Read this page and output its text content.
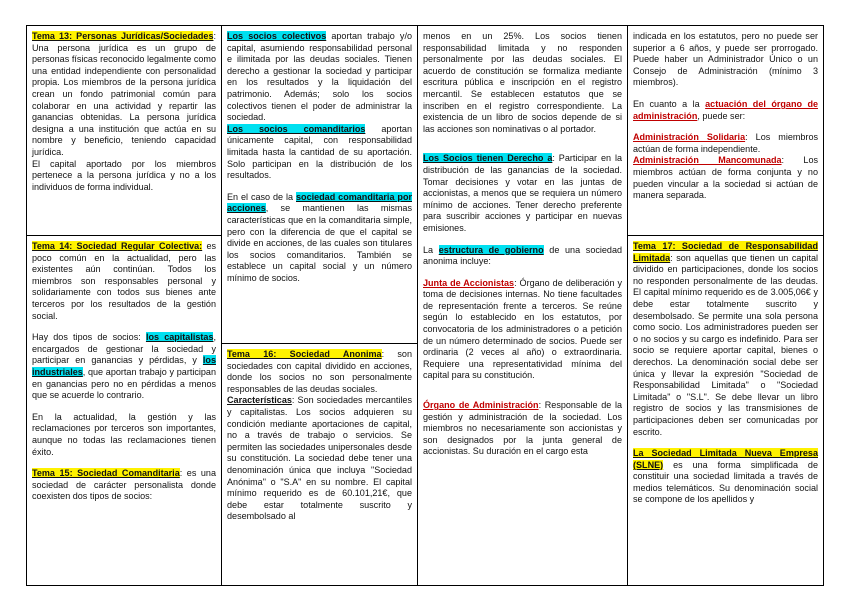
Tema 13: Personas Jurídicas/Sociedades: Una persona jurídica es un grupo de personas físicas reconocido legalmente como una entidad independiente con personalidad propia. Los miembros de la persona jurídica crean un fondo patrimonial común para colaborar en una actividad y repartir las ganancias obtenidas. La persona jurídica designa a una institución que actúa en su nombre y beneficio, teniendo capacidad jurídica.

El capital aportado por los miembros pertenece a la persona jurídica y no a los individuos de forma individual.

Tema 14: Sociedad Regular Colectiva: es poco común en la actualidad, pero las existentes aún continúan. Todos los miembros son responsables personal y solidariamente con todos sus bienes ante terceros por los resultados de la gestión social.

Hay dos tipos de socios: los capitalistas, encargados de gestionar la sociedad y participar en ganancias y pérdidas, y los industriales, que aportan trabajo y participan en ganancias pero no en pérdidas a menos que se acuerde lo contrario.

En la actualidad, la gestión y las reclamaciones por terceros son importantes, aunque no todas las reclamaciones tienen éxito.

Tema 15: Sociedad Comanditaria: es una sociedad de carácter personalista donde coexisten dos tipos de socios:

Los socios colectivos aportan trabajo y/o capital, asumiendo responsabilidad personal e ilimitada por las deudas sociales. Tienen derecho a gestionar la sociedad y participar en los resultados y la liquidación del patrimonio. Además; solo los socios colectivos tienen el poder de administrar la sociedad.

Los socios comanditarios aportan únicamente capital, con responsabilidad limitada hasta la cantidad de su aportación. Solo participan en la distribución de los resultados.

En el caso de la sociedad comanditaria por acciones, se mantienen las mismas características que en la comanditaria simple, pero con la diferencia de que el capital se divide en acciones, de las cuales son titulares los socios comanditarios. También se establece un capital social y un número mínimo de socios.

Tema 16: Sociedad Anonima: son sociedades con capital dividido en acciones, donde los socios no son personalmente responsables de las deudas sociales.
Características: Son sociedades mercantiles y capitalistas. Los socios adquieren su condición mediante aportaciones de capital, no a través de trabajo o servicios. Se permiten las sociedades unipersonales desde su constitución. La sociedad debe tener una denominación única que incluya "Sociedad Anónima" o "S.A" en su nombre. El capital mínimo requerido es de 60.101,21€, que debe estar totalmente suscrito y desembolsado al

menos en un 25%. Los socios tienen responsabilidad limitada y no responden personalmente por las deudas sociales. El acuerdo de constitución se formaliza mediante escritura pública e inscripción en el registro mercantil. Se establecen estatutos que se inscriben en el registro correspondiente. La existencia de un libro de socios depende de si las acciones son nominativas o al portador.

Los Socios tienen Derecho a: Participar en la distribución de las ganancias de la sociedad. Tomar decisiones y votar en las juntas de accionistas, a menos que se requiera un número mínimo de acciones. Tener derecho preferente para suscribir acciones y participar en nuevas emisiones.

La estructura de gobierno de una sociedad anonima incluye:

Junta de Accionistas: Órgano de deliberación y toma de decisiones internas. No tiene facultades de representación frente a terceros. Se reúne según lo establecido en los estatutos, por convocatoria de los administradores o a petición de un número determinado de socios. Puede ser ordinaria (2 veces al año) o extraordinaria. Requiere una representatividad mínima del capital para su constitución.

Órgano de Administración: Responsable de la gestión y administración de la sociedad. Los miembros no necesariamente son accionistas y son designados por la junta general de accionistas. Su duración en el cargo esta

indicada en los estatutos, pero no puede ser superior a 6 años, y puede ser prorrogado. Puede haber un Administrador Único o un Consejo de Administración (mínimo 3 miembros).

En cuanto a la actuación del órgano de administración, puede ser:

Administración Solidaria: Los miembros actúan de forma independiente.

Administración Mancomunada: Los miembros actúan de forma conjunta y no pueden vincular a la sociedad si actúan de manera separada.

Tema 17: Sociedad de Responsabilidad Limitada: son aquellas que tienen un capital dividido en participaciones, donde los socios no responden personalmente de las deudas. El capital mínimo requerido es de 3.005,06€ y debe estar totalmente suscrito y desembolsado. Se permite una sola persona como socio. Los administradores pueden ser o no socios y su cargo es indefinido. Para ser socio se requiere aportar capital, bienes o derechos. La denominación social debe ser única y llevar la expresión "Sociedad de Responsabilidad Limitada" o "Sociedad Limitada" o "S.L". Se debe llevar un libro registro de socios y las transmisiones de participaciones deben ser comunicadas por escrito.

La Sociedad Limitada Nueva Empresa (SLNE) es una forma simplificada de constituir una sociedad limitada a través de medios telemáticos. Su denominación social se compone de los apellidos y
